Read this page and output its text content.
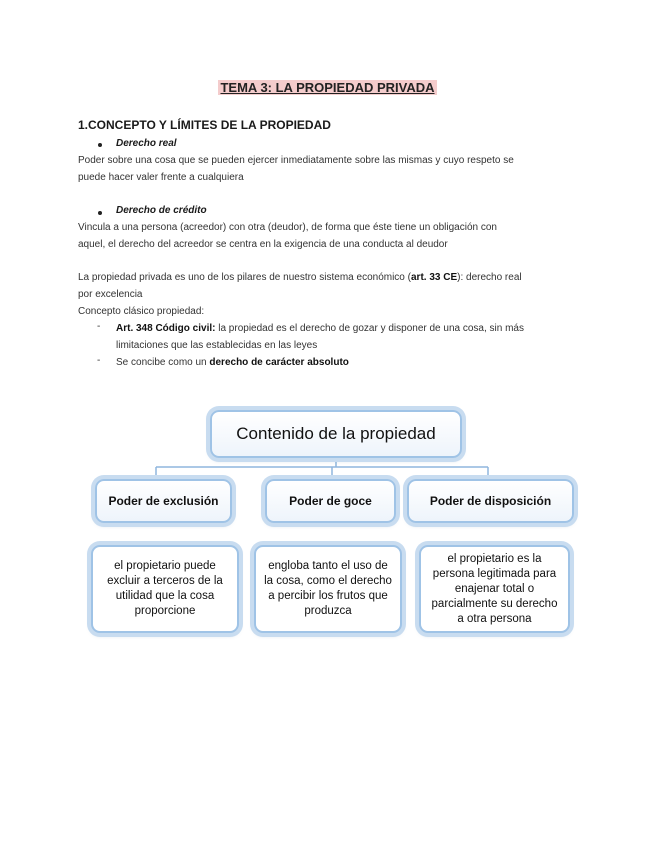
TEMA 3: LA PROPIEDAD PRIVADA
1.CONCEPTO Y LÍMITES DE LA PROPIEDAD
Derecho real
Poder sobre una cosa que se pueden ejercer inmediatamente sobre las mismas y cuyo respeto se
puede hacer valer frente a cualquiera
Derecho de crédito
Vincula a una persona (acreedor) con otra (deudor), de forma que éste tiene un obligación con
aquel, el derecho del acreedor se centra en la exigencia de una conducta al deudor
La propiedad privada es uno de los pilares de nuestro sistema económico (art. 33 CE): derecho real
por excelencia
Concepto clásico propiedad:
- Art. 348 Código civil: la propiedad es el derecho de gozar y disponer de una cosa, sin más
limitaciones que las establecidas en las leyes
- Se concibe como un derecho de carácter absoluto
Contenido de la propiedad
Poder de exclusión	Poder de goce	Poder de disposición
el propietario puede excluir a terceros de la utilidad que la cosa proporcione
engloba tanto el uso de la cosa, como el derecho a percibir los frutos que produzca
el propietario es la persona legitimada para enajenar total o parcialmente su derecho a otra persona
